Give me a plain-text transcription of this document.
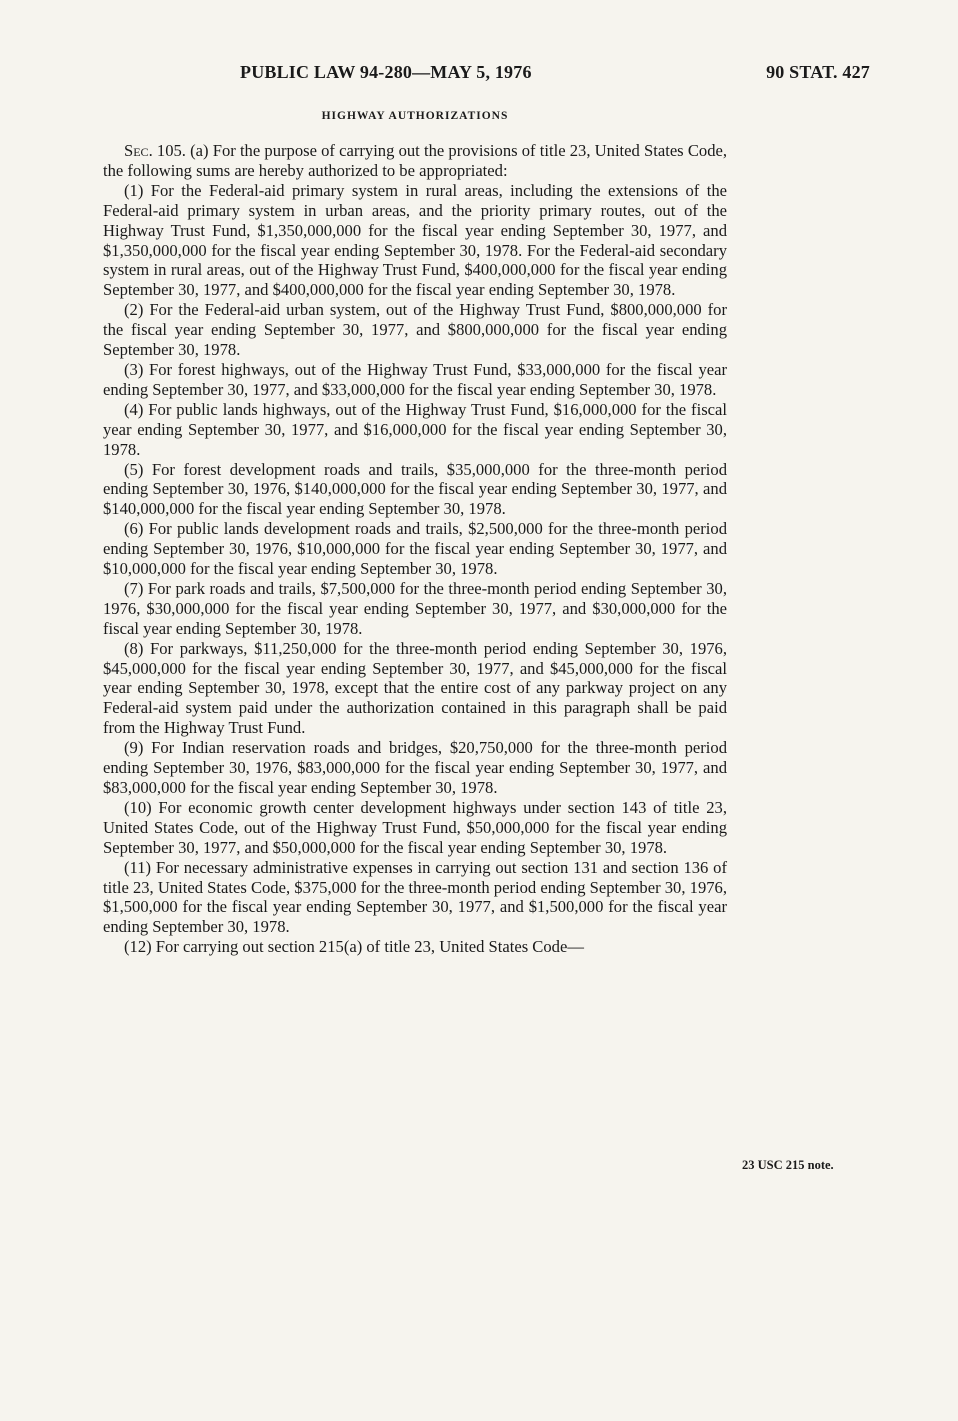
PUBLIC LAW 94-280—MAY 5, 1976	90 STAT. 427
HIGHWAY AUTHORIZATIONS

Sec. 105. (a) For the purpose of carrying out the provisions of title 23, United States Code, the following sums are hereby authorized to be appropriated:

(1) For the Federal-aid primary system in rural areas, including the extensions of the Federal-aid primary system in urban areas, and the priority primary routes, out of the Highway Trust Fund, $1,350,000,000 for the fiscal year ending September 30, 1977, and $1,350,000,000 for the fiscal year ending September 30, 1978. For the Federal-aid secondary system in rural areas, out of the Highway Trust Fund, $400,000,000 for the fiscal year ending September 30, 1977, and $400,000,000 for the fiscal year ending September 30, 1978.

(2) For the Federal-aid urban system, out of the Highway Trust Fund, $800,000,000 for the fiscal year ending September 30, 1977, and $800,000,000 for the fiscal year ending September 30, 1978.

(3) For forest highways, out of the Highway Trust Fund, $33,000,000 for the fiscal year ending September 30, 1977, and $33,000,000 for the fiscal year ending September 30, 1978.

(4) For public lands highways, out of the Highway Trust Fund, $16,000,000 for the fiscal year ending September 30, 1977, and $16,000,000 for the fiscal year ending September 30, 1978.

(5) For forest development roads and trails, $35,000,000 for the three-month period ending September 30, 1976, $140,000,000 for the fiscal year ending September 30, 1977, and $140,000,000 for the fiscal year ending September 30, 1978.

(6) For public lands development roads and trails, $2,500,000 for the three-month period ending September 30, 1976, $10,000,000 for the fiscal year ending September 30, 1977, and $10,000,000 for the fiscal year ending September 30, 1978.

(7) For park roads and trails, $7,500,000 for the three-month period ending September 30, 1976, $30,000,000 for the fiscal year ending September 30, 1977, and $30,000,000 for the fiscal year ending September 30, 1978.

(8) For parkways, $11,250,000 for the three-month period ending September 30, 1976, $45,000,000 for the fiscal year ending September 30, 1977, and $45,000,000 for the fiscal year ending September 30, 1978, except that the entire cost of any parkway project on any Federal-aid system paid under the authorization contained in this paragraph shall be paid from the Highway Trust Fund.

(9) For Indian reservation roads and bridges, $20,750,000 for the three-month period ending September 30, 1976, $83,000,000 for the fiscal year ending September 30, 1977, and $83,000,000 for the fiscal year ending September 30, 1978.

(10) For economic growth center development highways under section 143 of title 23, United States Code, out of the Highway Trust Fund, $50,000,000 for the fiscal year ending September 30, 1977, and $50,000,000 for the fiscal year ending September 30, 1978.

(11) For necessary administrative expenses in carrying out section 131 and section 136 of title 23, United States Code, $375,000 for the three-month period ending September 30, 1976, $1,500,000 for the fiscal year ending September 30, 1977, and $1,500,000 for the fiscal year ending September 30, 1978.

(12) For carrying out section 215(a) of title 23, United States Code—

23 USC 215 note.
